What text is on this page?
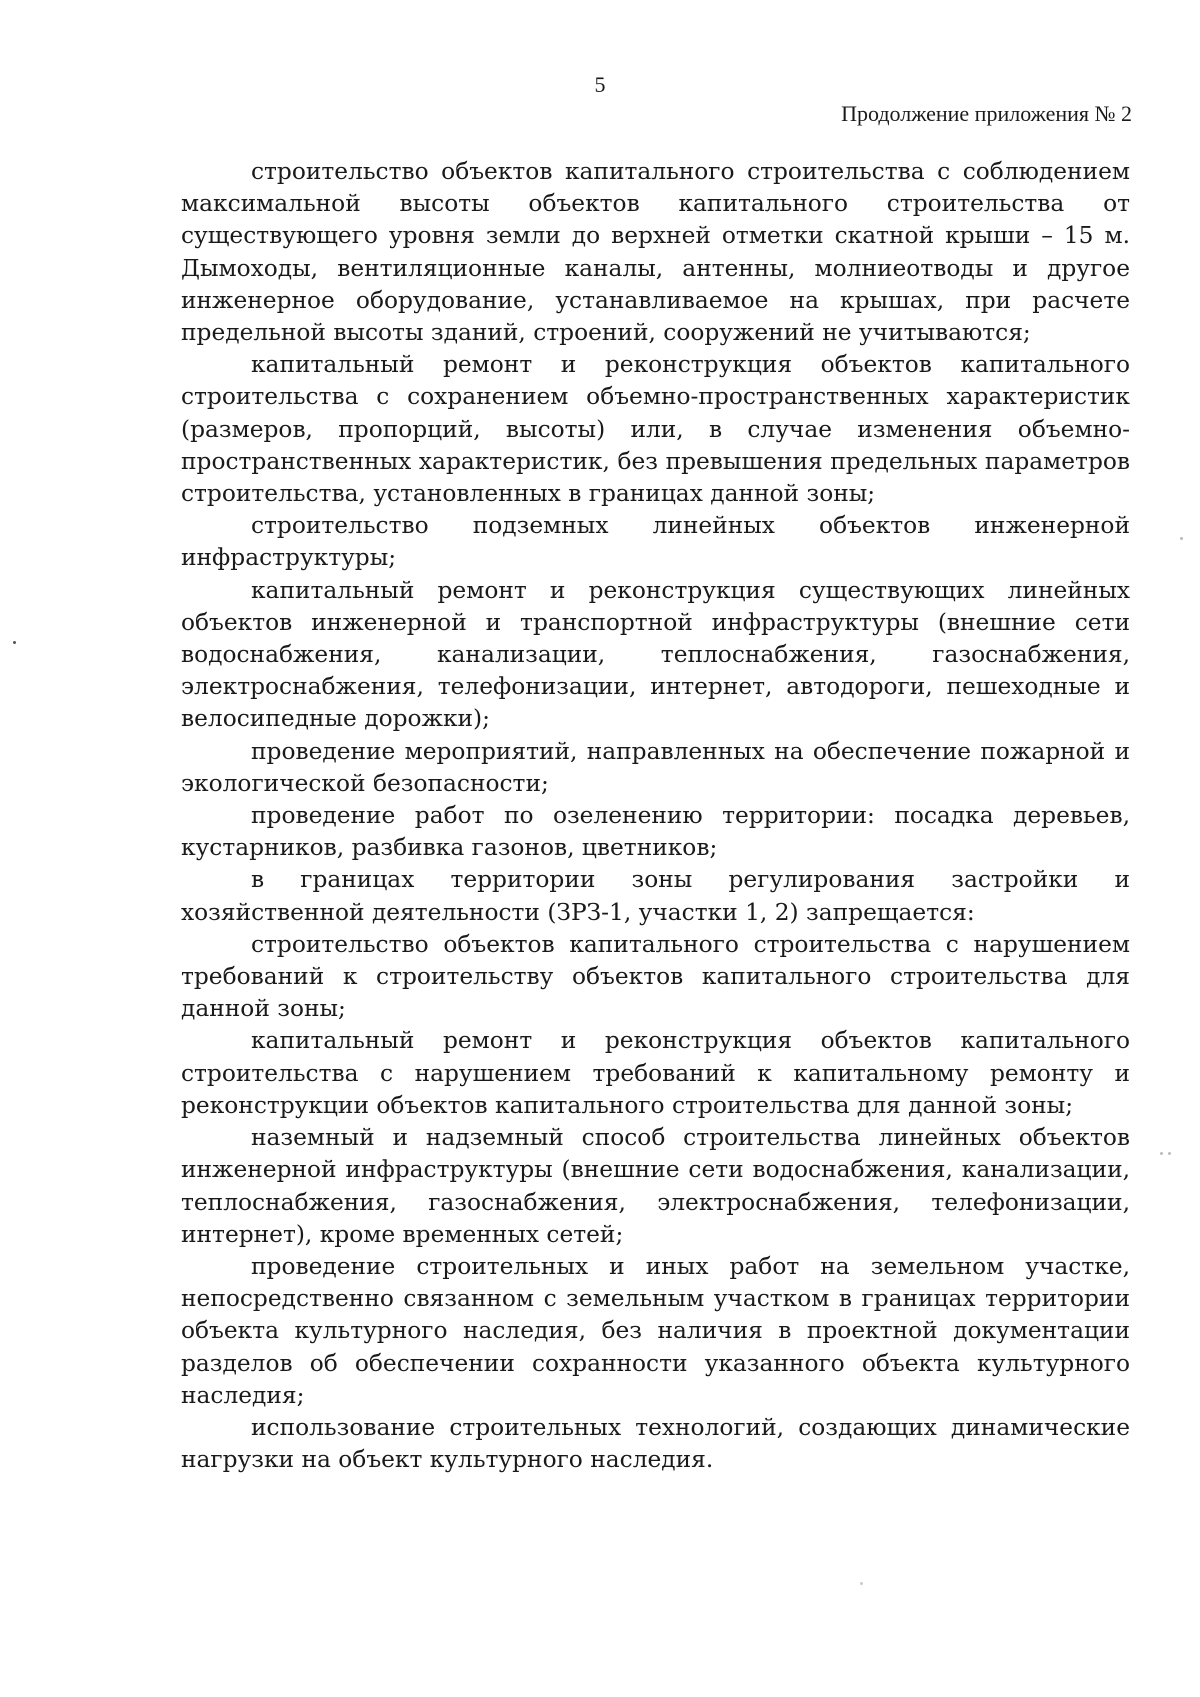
5

Продолжение приложения № 2

строительство объектов капитального строительства с соблюдением максимальной высоты объектов капитального строительства от существующего уровня земли до верхней отметки скатной крыши – 15 м. Дымоходы, вентиляционные каналы, антенны, молниеотводы и другое инженерное оборудование, устанавливаемое на крышах, при расчете предельной высоты зданий, строений, сооружений не учитываются;

капитальный ремонт и реконструкция объектов капитального строительства с сохранением объемно-пространственных характеристик (размеров, пропорций, высоты) или, в случае изменения объемно-пространственных характеристик, без превышения предельных параметров строительства, установленных в границах данной зоны;

строительство подземных линейных объектов инженерной инфраструктуры;

капитальный ремонт и реконструкция существующих линейных объектов инженерной и транспортной инфраструктуры (внешние сети водоснабжения, канализации, теплоснабжения, газоснабжения, электроснабжения, телефонизации, интернет, автодороги, пешеходные и велосипедные дорожки);

проведение мероприятий, направленных на обеспечение пожарной и экологической безопасности;

проведение работ по озеленению территории: посадка деревьев, кустарников, разбивка газонов, цветников;

в границах территории зоны регулирования застройки и хозяйственной деятельности (ЗРЗ-1, участки 1, 2) запрещается:

строительство объектов капитального строительства с нарушением требований к строительству объектов капитального строительства для данной зоны;

капитальный ремонт и реконструкция объектов капитального строительства с нарушением требований к капитальному ремонту и реконструкции объектов капитального строительства для данной зоны;

наземный и надземный способ строительства линейных объектов инженерной инфраструктуры (внешние сети водоснабжения, канализации, теплоснабжения, газоснабжения, электроснабжения, телефонизации, интернет), кроме временных сетей;

проведение строительных и иных работ на земельном участке, непосредственно связанном с земельным участком в границах территории объекта культурного наследия, без наличия в проектной документации разделов об обеспечении сохранности указанного объекта культурного наследия;

использование строительных технологий, создающих динамические нагрузки на объект культурного наследия.
